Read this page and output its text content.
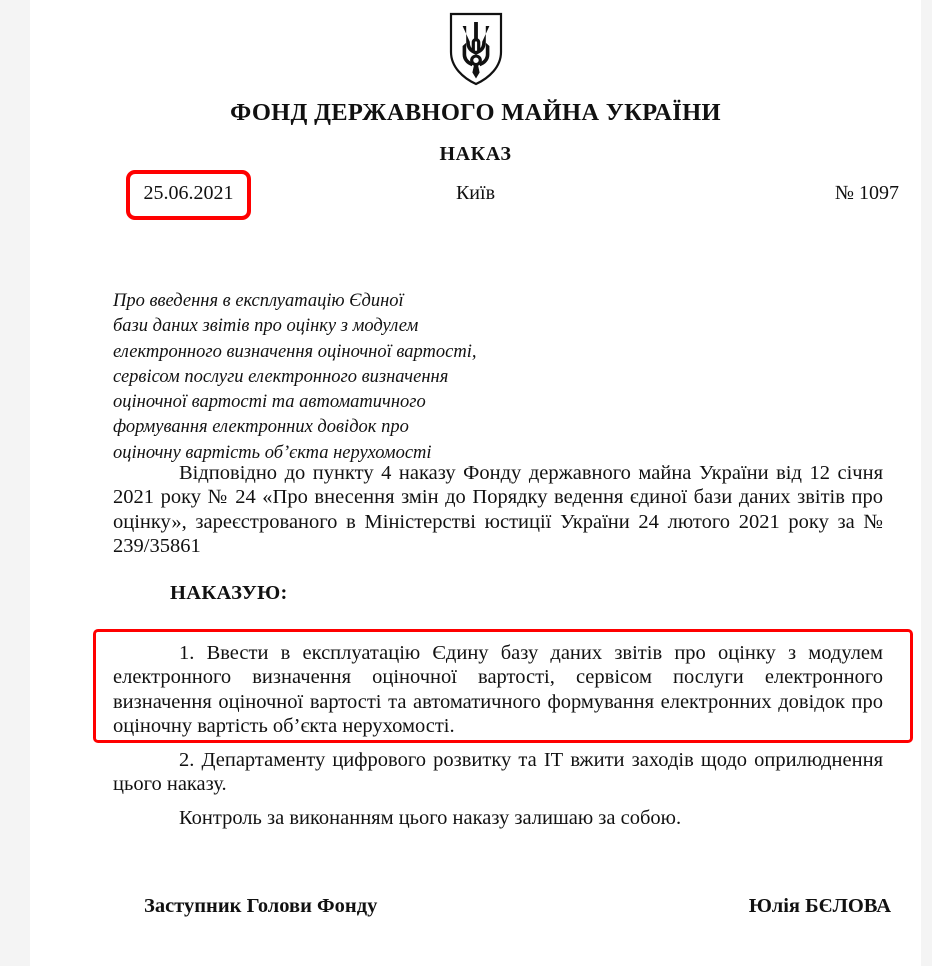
ФОНД ДЕРЖАВНОГО МАЙНА УКРАЇНИ
НАКАЗ
25.06.2021	Київ	№ 1097
Про введення в експлуатацію Єдиної
бази даних звітів про оцінку з модулем
електронного визначення оціночної вартості,
сервісом послуги електронного визначення
оціночної вартості та автоматичного
формування електронних довідок про
оціночну вартість об’єкта нерухомості
Відповідно до пункту 4 наказу Фонду державного майна України від 12 січня 2021 року № 24 «Про внесення змін до Порядку ведення єдиної бази даних звітів про оцінку», зареєстрованого в Міністерстві юстиції України 24 лютого 2021 року за № 239/35861
НАКАЗУЮ:
1. Ввести в експлуатацію Єдину базу даних звітів про оцінку з модулем електронного визначення оціночної вартості, сервісом послуги електронного визначення оціночної вартості та автоматичного формування електронних довідок про оціночну вартість об’єкта нерухомості.
2. Департаменту цифрового розвитку та ІТ вжити заходів щодо оприлюднення цього наказу.
Контроль за виконанням цього наказу залишаю за собою.
Заступник Голови Фонду	Юлія БЄЛОВА
